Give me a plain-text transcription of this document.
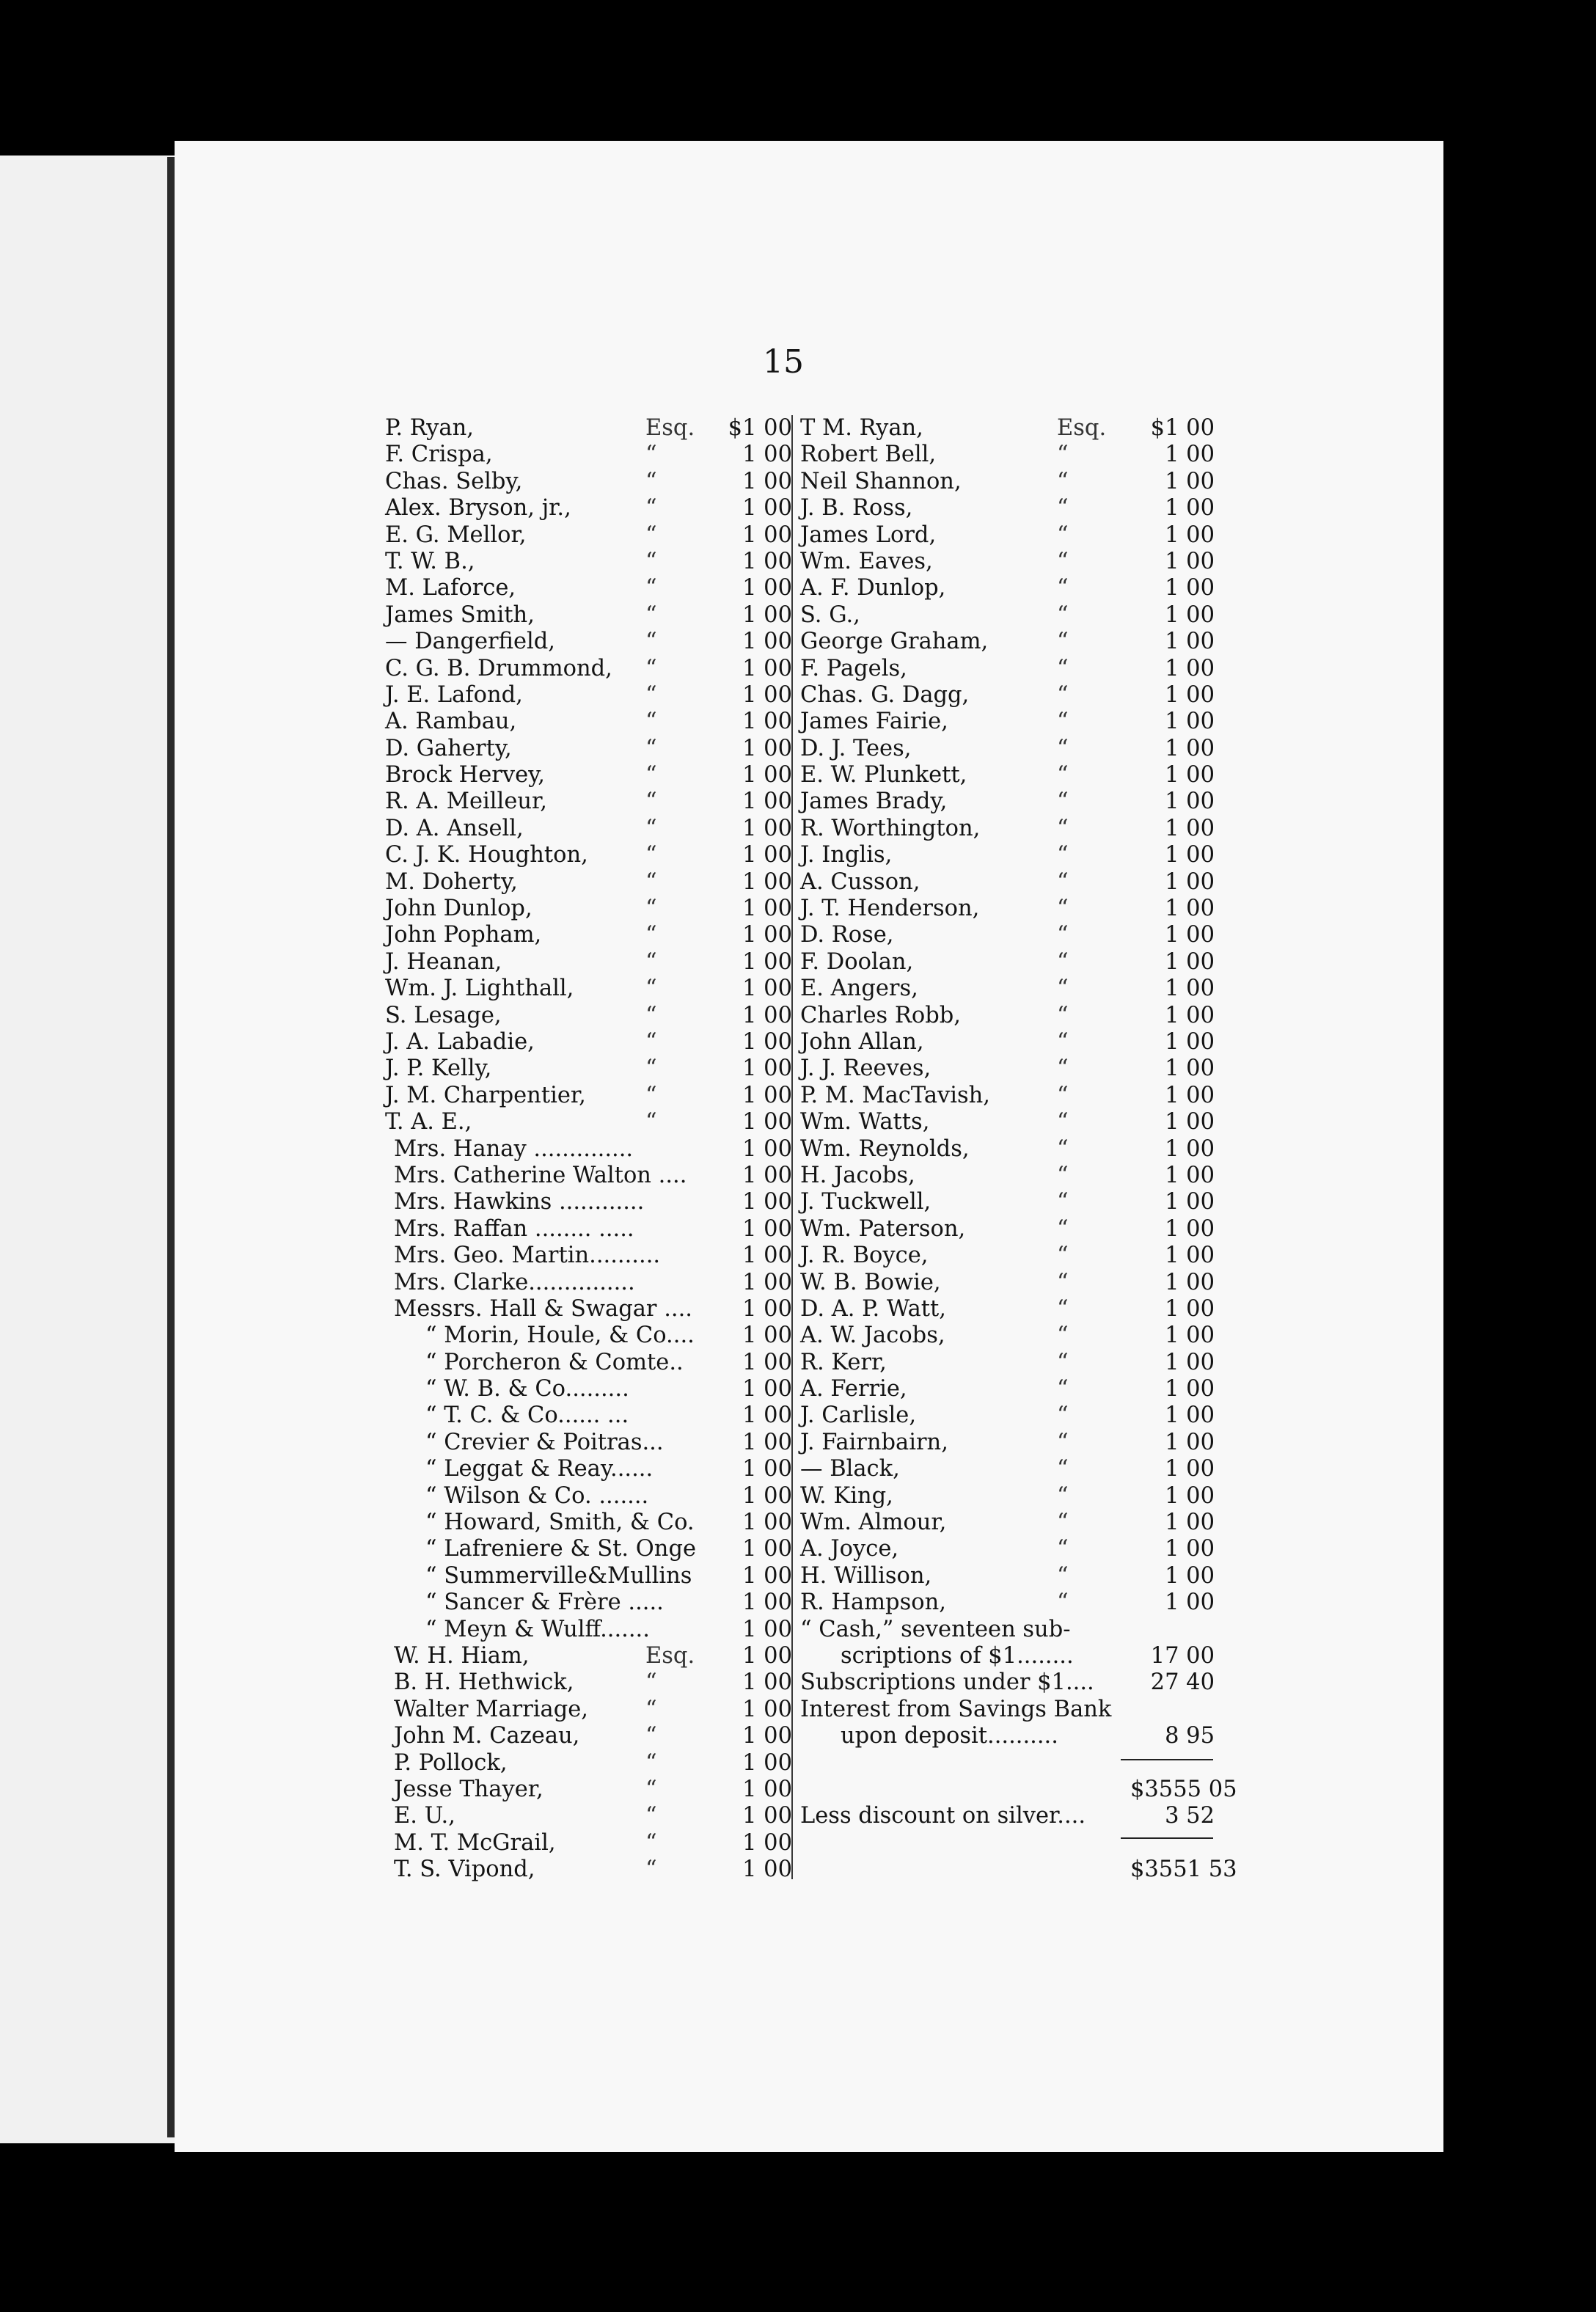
15
P. Ryan,	Esq.	$1 00
F. Crispa,	“	1 00
Chas. Selby,	“	1 00
Alex. Bryson, jr.,	“	1 00
E. G. Mellor,	“	1 00
T. W. B.,	“	1 00
M. Laforce,	“	1 00
James Smith,	“	1 00
— Dangerfield,	“	1 00
C. G. B. Drummond, “	1 00
J. E. Lafond,	“	1 00
A. Rambau,	“	1 00
D. Gaherty,	“	1 00
Brock Hervey,	“	1 00
R. A. Meilleur,	“	1 00
D. A. Ansell,	“	1 00
C. J. K. Houghton,	“	1 00
M. Doherty,	“	1 00
John Dunlop,	“	1 00
John Popham,	“	1 00
J. Heanan,	“	1 00
Wm. J. Lighthall,	“	1 00
S. Lesage,	“	1 00
J. A. Labadie,	“	1 00
J. P. Kelly,	“	1 00
J. M. Charpentier,	“	1 00
T. A. E.,	“	1 00
Mrs. Hanay ..............	1 00
Mrs. Catherine Walton ....	1 00
Mrs. Hawkins ............	1 00
Mrs. Raffan ........ .....	1 00
Mrs. Geo. Martin..........	1 00
Mrs. Clarke...............	1 00
Messrs. Hall & Swagar ....	1 00
“ Morin, Houle, & Co....	1 00
“ Porcheron & Comte..	1 00
“ W. B. & Co.........	1 00
“ T. C. & Co...... ...	1 00
“ Crevier & Poitras...	1 00
“ Leggat & Reay......	1 00
“ Wilson & Co. .......	1 00
“ Howard, Smith, & Co.	1 00
“ Lafreniere & St. Onge	1 00
“ Summerville&Mullins	1 00
“ Sancer & Frère .....	1 00
“ Meyn & Wulff.......	1 00
W. H. Hiam,	Esq.	1 00
B. H. Hethwick,	“	1 00
Walter Marriage,	“	1 00
John M. Cazeau,	“	1 00
P. Pollock,	“	1 00
Jesse Thayer,	“	1 00
E. U.,	“	1 00
M. T. McGrail,	“	1 00
T. S. Vipond,	“	1 00
T M. Ryan,	Esq.	$1 00
Robert Bell,	“	1 00
Neil Shannon,	“	1 00
J. B. Ross,	“	1 00
James Lord,	“	1 00
Wm. Eaves,	“	1 00
A. F. Dunlop,	“	1 00
S. G.,	“	1 00
George Graham,	“	1 00
F. Pagels,	“	1 00
Chas. G. Dagg,	“	1 00
James Fairie,	“	1 00
D. J. Tees,	“	1 00
E. W. Plunkett,	“	1 00
James Brady,	“	1 00
R. Worthington,	“	1 00
J. Inglis,	“	1 00
A. Cusson,	“	1 00
J. T. Henderson,	“	1 00
D. Rose,	“	1 00
F. Doolan,	“	1 00
E. Angers,	“	1 00
Charles Robb,	“	1 00
John Allan,	“	1 00
J. J. Reeves,	“	1 00
P. M. MacTavish,	“	1 00
Wm. Watts,	“	1 00
Wm. Reynolds,	“	1 00
H. Jacobs,	“	1 00
J. Tuckwell,	“	1 00
Wm. Paterson,	“	1 00
J. R. Boyce,	“	1 00
W. B. Bowie,	“	1 00
D. A. P. Watt,	“	1 00
A. W. Jacobs,	“	1 00
R. Kerr,	“	1 00
A. Ferrie,	“	1 00
J. Carlisle,	“	1 00
J. Fairnbairn,	“	1 00
— Black,	“	1 00
W. King,	“	1 00
Wm. Almour,	“	1 00
A. Joyce,	“	1 00
H. Willison,	“	1 00
R. Hampson,	“	1 00
“ Cash,” seventeen sub-
scriptions of $1........	17 00
Subscriptions under $1....	27 40
Interest from Savings Bank
upon deposit..........	8 95
$3555 05
Less discount on silver....	3 52
$3551 53
